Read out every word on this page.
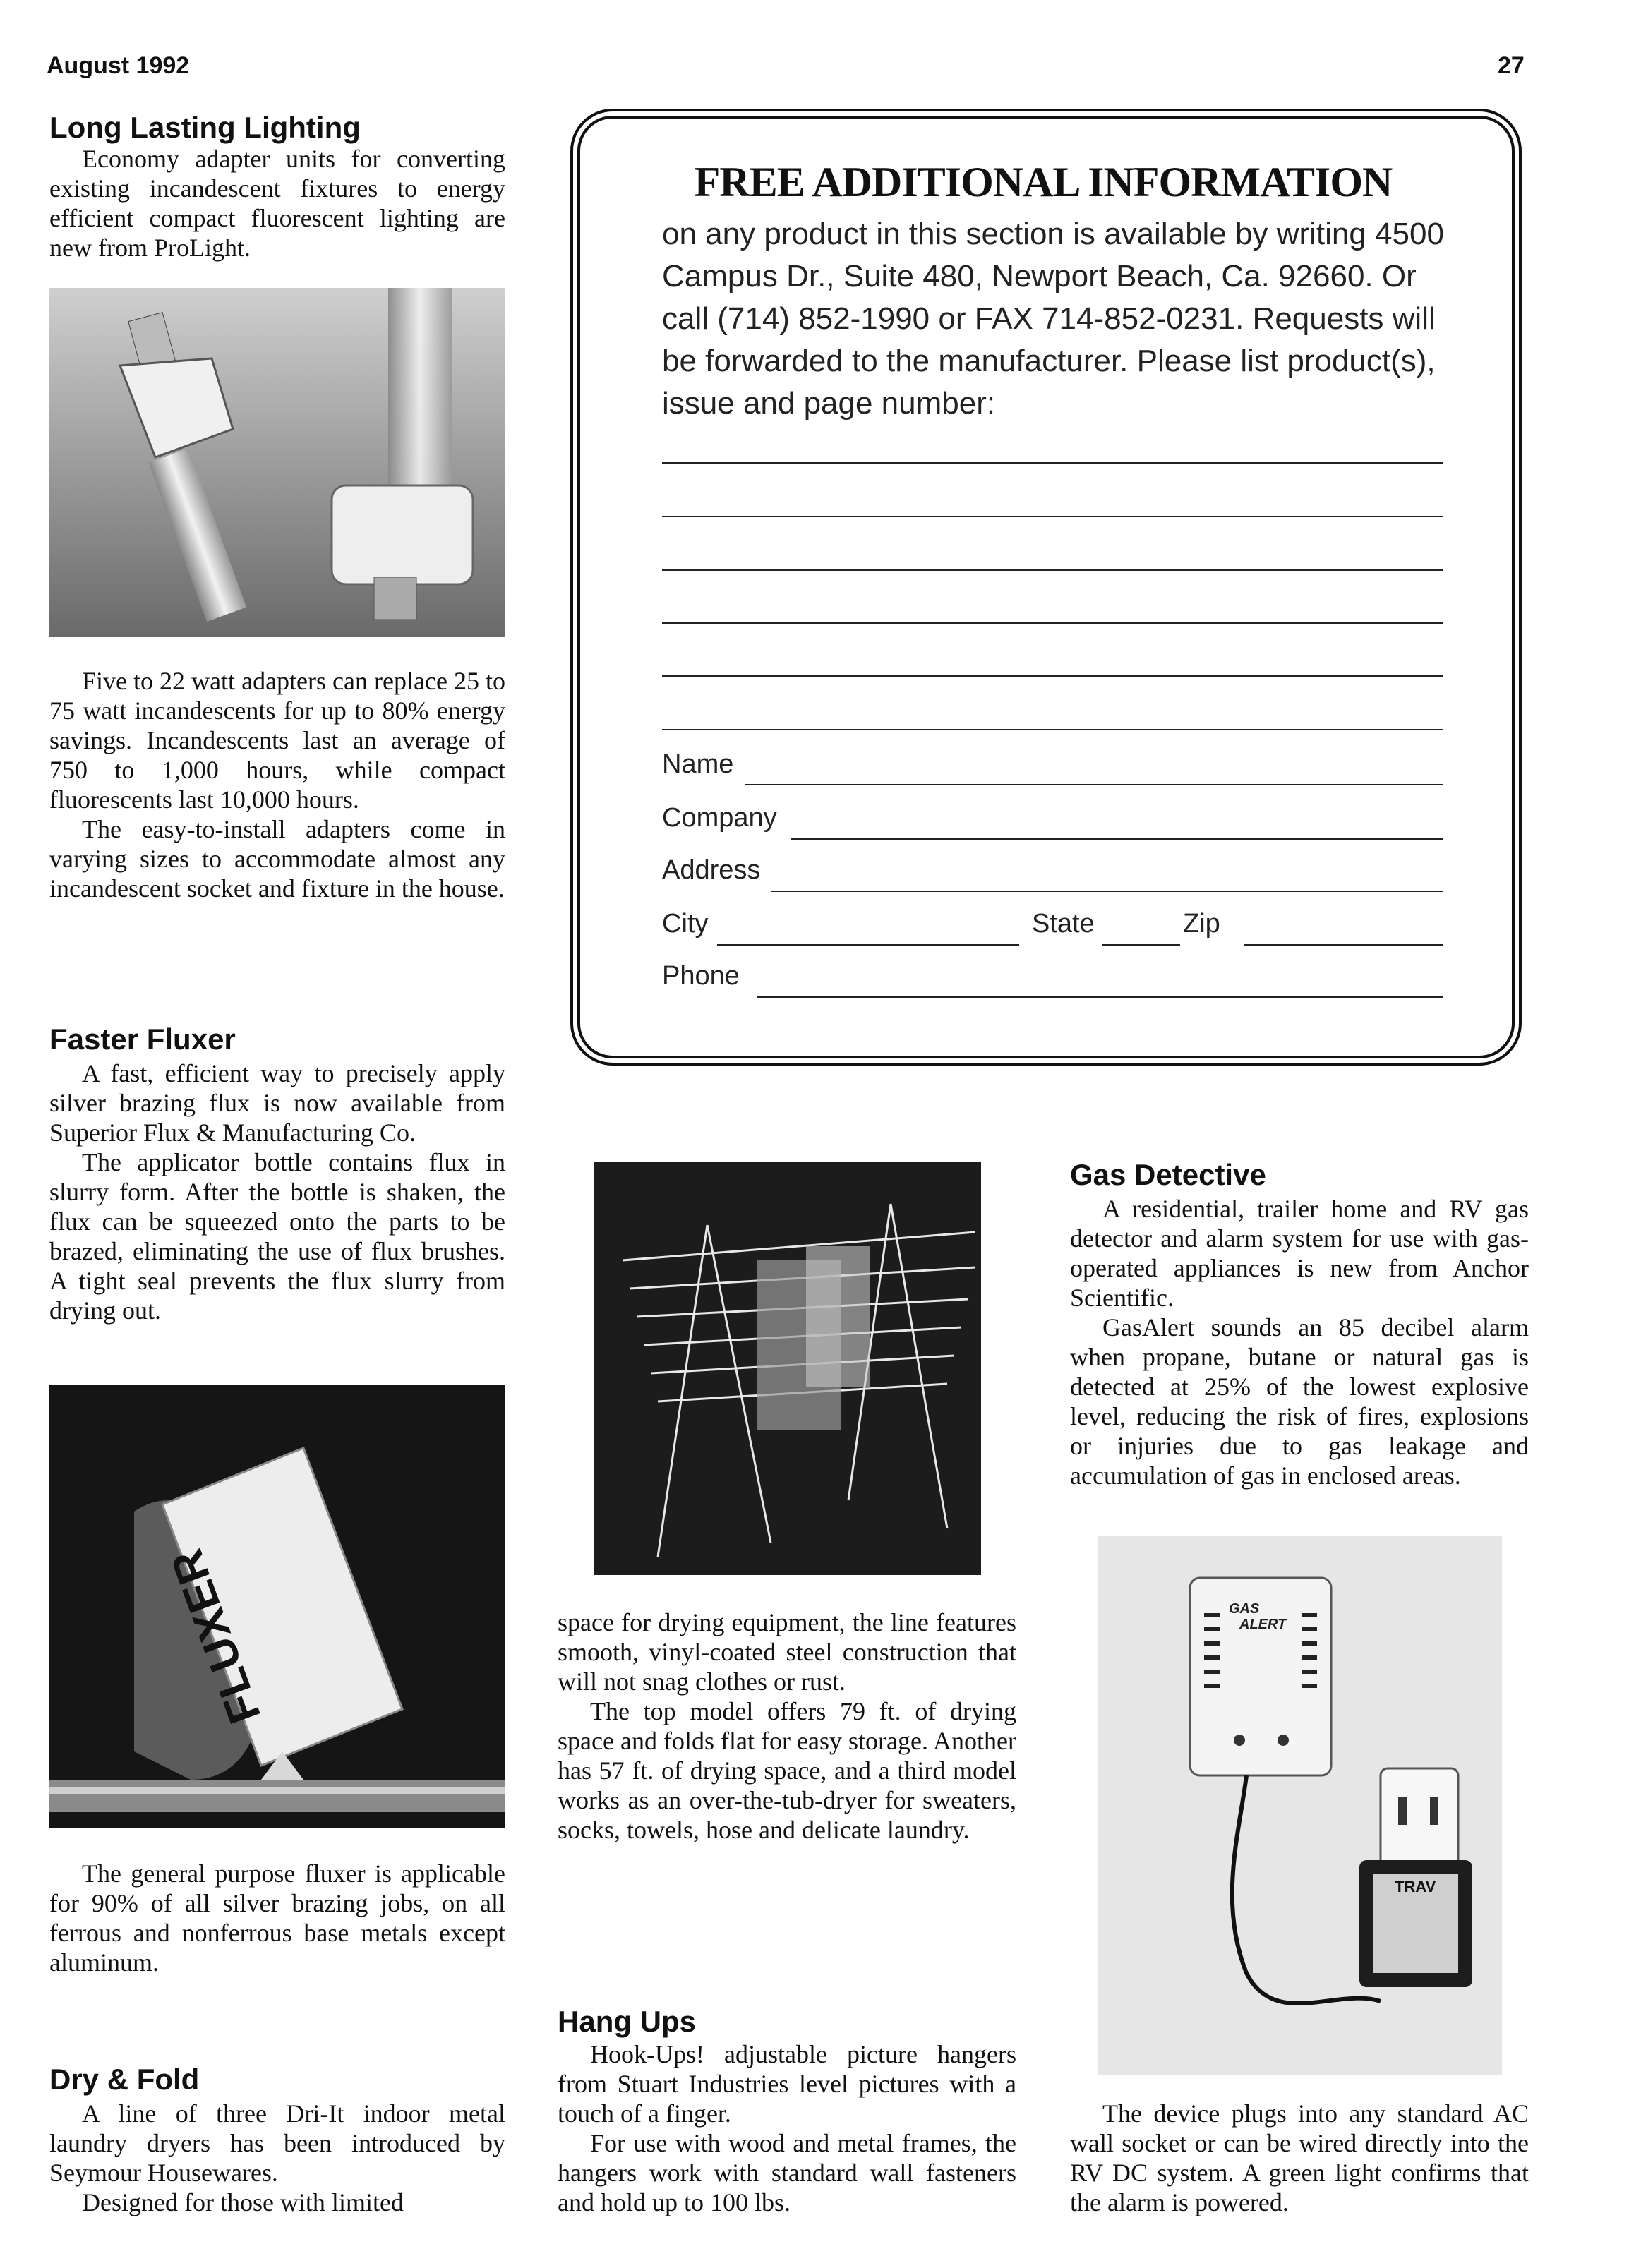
August 1992	27
Long Lasting Lighting

Economy adapter units for converting existing incandescent fixtures to energy efficient compact fluorescent lighting are new from ProLight.

Five to 22 watt adapters can replace 25 to 75 watt incandescents for up to 80% energy savings. Incandescents last an average of 750 to 1,000 hours, while compact fluorescents last 10,000 hours.

The easy-to-install adapters come in varying sizes to accommodate almost any incandescent socket and fixture in the house.

Faster Fluxer

A fast, efficient way to precisely apply silver brazing flux is now available from Superior Flux & Manufacturing Co.

The applicator bottle contains flux in slurry form. After the bottle is shaken, the flux can be squeezed onto the parts to be brazed, eliminating the use of flux brushes. A tight seal prevents the flux slurry from drying out.

FLUXER

The general purpose fluxer is applicable for 90% of all silver brazing jobs, on all ferrous and nonferrous base metals except aluminum.

Dry & Fold

A line of three Dri-It indoor metal laundry dryers has been introduced by Seymour Housewares.

Designed for those with limited

FREE ADDITIONAL INFORMATION
on any product in this section is available by writing 4500 Campus Dr., Suite 480, Newport Beach, Ca. 92660. Or call (714) 852-1990 or FAX 714-852-0231. Requests will be forwarded to the manufacturer. Please list product(s), issue and page number:
Name
Company
Address
City	State	Zip
Phone

space for drying equipment, the line features smooth, vinyl-coated steel construction that will not snag clothes or rust.

The top model offers 79 ft. of drying space and folds flat for easy storage. Another has 57 ft. of drying space, and a third model works as an over-the-tub-dryer for sweaters, socks, towels, hose and delicate laundry.

Hang Ups

Hook-Ups! adjustable picture hangers from Stuart Industries level pictures with a touch of a finger.

For use with wood and metal frames, the hangers work with standard wall fasteners and hold up to 100 lbs.

Gas Detective

A residential, trailer home and RV gas detector and alarm system for use with gas-operated appliances is new from Anchor Scientific.

GasAlert sounds an 85 decibel alarm when propane, butane or natural gas is detected at 25% of the lowest explosive level, reducing the risk of fires, explosions or injuries due to gas leakage and accumulation of gas in enclosed areas.

GAS
ALERT
TRAV

The device plugs into any standard AC wall socket or can be wired directly into the RV DC system. A green light confirms that the alarm is powered.
